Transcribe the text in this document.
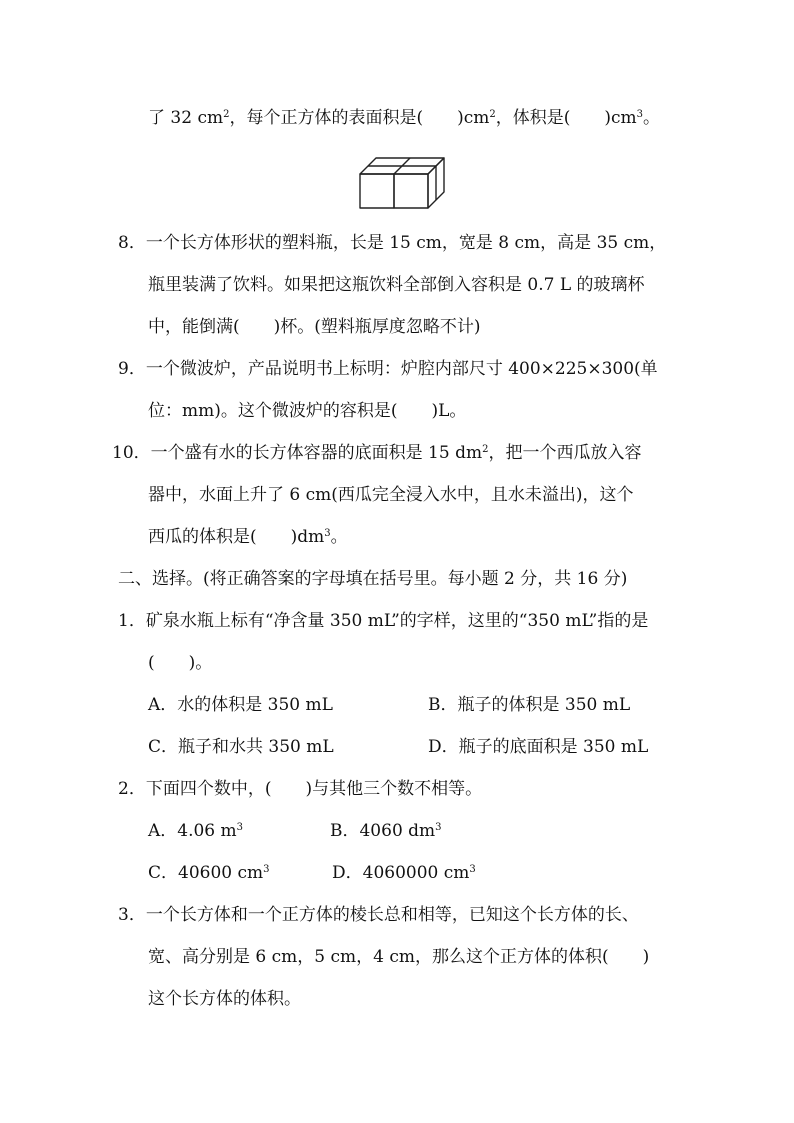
了 32 $cm^2$，每个正方体的表面积是(　　)$cm^2$，体积是(　　)$cm^3$。
8．一个长方体形状的塑料瓶，长是 15 cm，宽是 8 cm，高是 35 cm，
瓶里装满了饮料。如果把这瓶饮料全部倒入容积是 0.7 L 的玻璃杯
中，能倒满(　　)杯。(塑料瓶厚度忽略不计)
9．一个微波炉，产品说明书上标明：炉腔内部尺寸 400×225×300(单
位：mm)。这个微波炉的容积是(　　)L。
10．一个盛有水的长方体容器的底面积是 15 $dm^2$，把一个西瓜放入容
器中，水面上升了 6 cm(西瓜完全浸入水中，且水未溢出)，这个
西瓜的体积是(　　)$dm^3$。
二、选择。(将正确答案的字母填在括号里。每小题 2 分，共 16 分)
1．矿泉水瓶上标有“净含量 350 mL”的字样，这里的“350 mL”指的是
(　　)。
A．水的体积是 350 mL	B．瓶子的体积是 350 mL
C．瓶子和水共 350 mL	D．瓶子的底面积是 350 mL
2．下面四个数中，(　　)与其他三个数不相等。
A．4.06 $m^3$	B．4060 $dm^3$
C．40600 $cm^3$	D．4060000 $cm^3$
3．一个长方体和一个正方体的棱长总和相等，已知这个长方体的长、
宽、高分别是 6 cm，5 cm，4 cm，那么这个正方体的体积(　　)
这个长方体的体积。
